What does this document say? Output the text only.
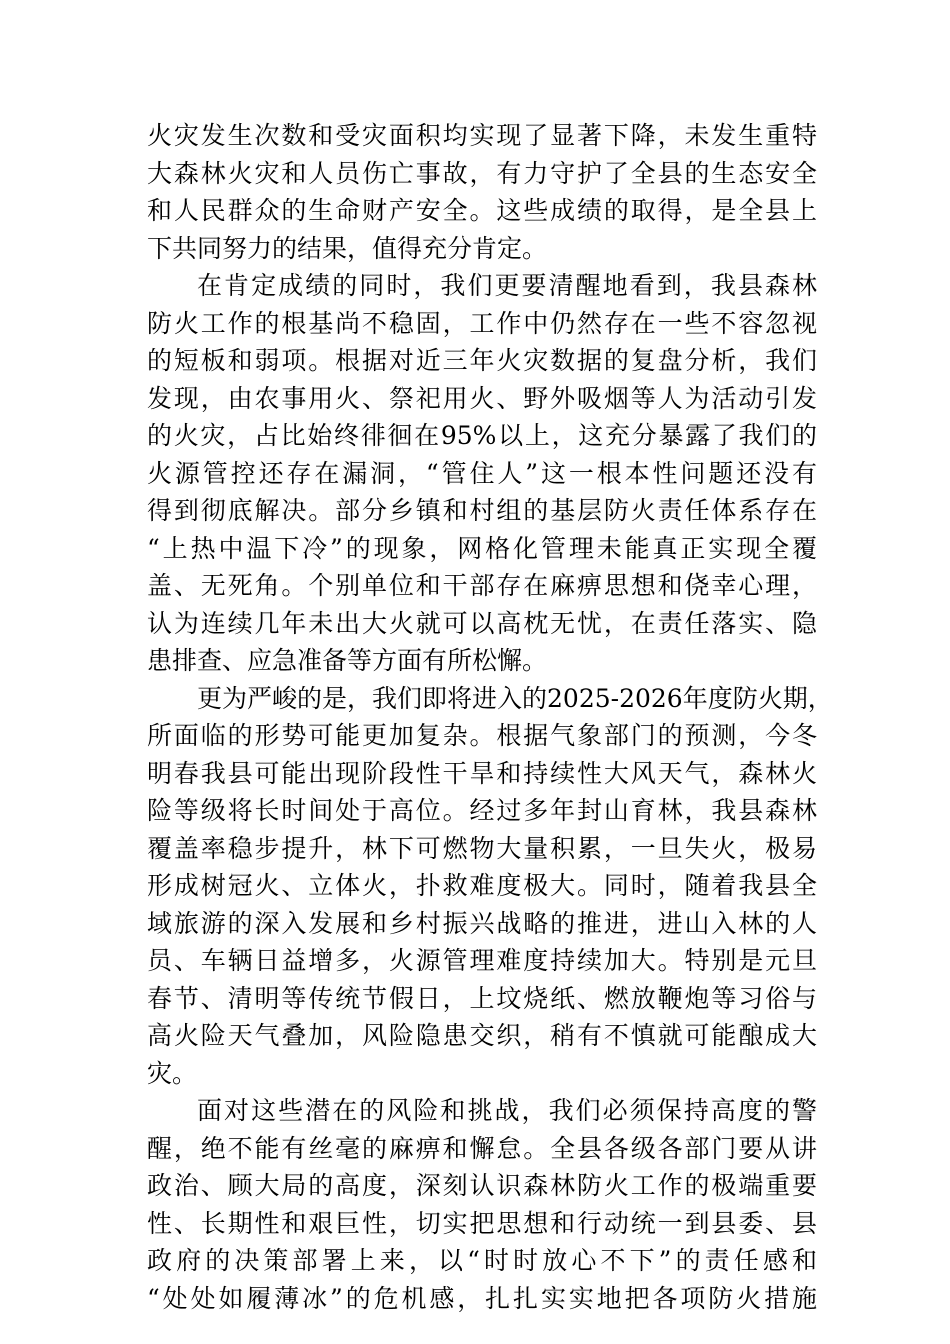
火灾发生次数和受灾面积均实现了显著下降，未发生重特
大森林火灾和人员伤亡事故，有力守护了全县的生态安全
和人民群众的生命财产安全。这些成绩的取得，是全县上
下共同努力的结果，值得充分肯定。
在肯定成绩的同时，我们更要清醒地看到，我县森林
防火工作的根基尚不稳固，工作中仍然存在一些不容忽视
的短板和弱项。根据对近三年火灾数据的复盘分析，我们
发现，由农事用火、祭祀用火、野外吸烟等人为活动引发
的火灾，占比始终徘徊在95%以上，这充分暴露了我们的
火源管控还存在漏洞，“管住人”这一根本性问题还没有
得到彻底解决。部分乡镇和村组的基层防火责任体系存在
“上热中温下冷”的现象，网格化管理未能真正实现全覆
盖、无死角。个别单位和干部存在麻痹思想和侥幸心理，
认为连续几年未出大火就可以高枕无忧，在责任落实、隐
患排查、应急准备等方面有所松懈。
更为严峻的是，我们即将进入的2025-2026年度防火期，
所面临的形势可能更加复杂。根据气象部门的预测，今冬
明春我县可能出现阶段性干旱和持续性大风天气，森林火
险等级将长时间处于高位。经过多年封山育林，我县森林
覆盖率稳步提升，林下可燃物大量积累，一旦失火，极易
形成树冠火、立体火，扑救难度极大。同时，随着我县全
域旅游的深入发展和乡村振兴战略的推进，进山入林的人
员、车辆日益增多，火源管理难度持续加大。特别是元旦
春节、清明等传统节假日，上坟烧纸、燃放鞭炮等习俗与
高火险天气叠加，风险隐患交织，稍有不慎就可能酿成大
灾。
面对这些潜在的风险和挑战，我们必须保持高度的警
醒，绝不能有丝毫的麻痹和懈怠。全县各级各部门要从讲
政治、顾大局的高度，深刻认识森林防火工作的极端重要
性、长期性和艰巨性，切实把思想和行动统一到县委、县
政府的决策部署上来，以“时时放心不下”的责任感和
“处处如履薄冰”的危机感，扎扎实实地把各项防火措施
